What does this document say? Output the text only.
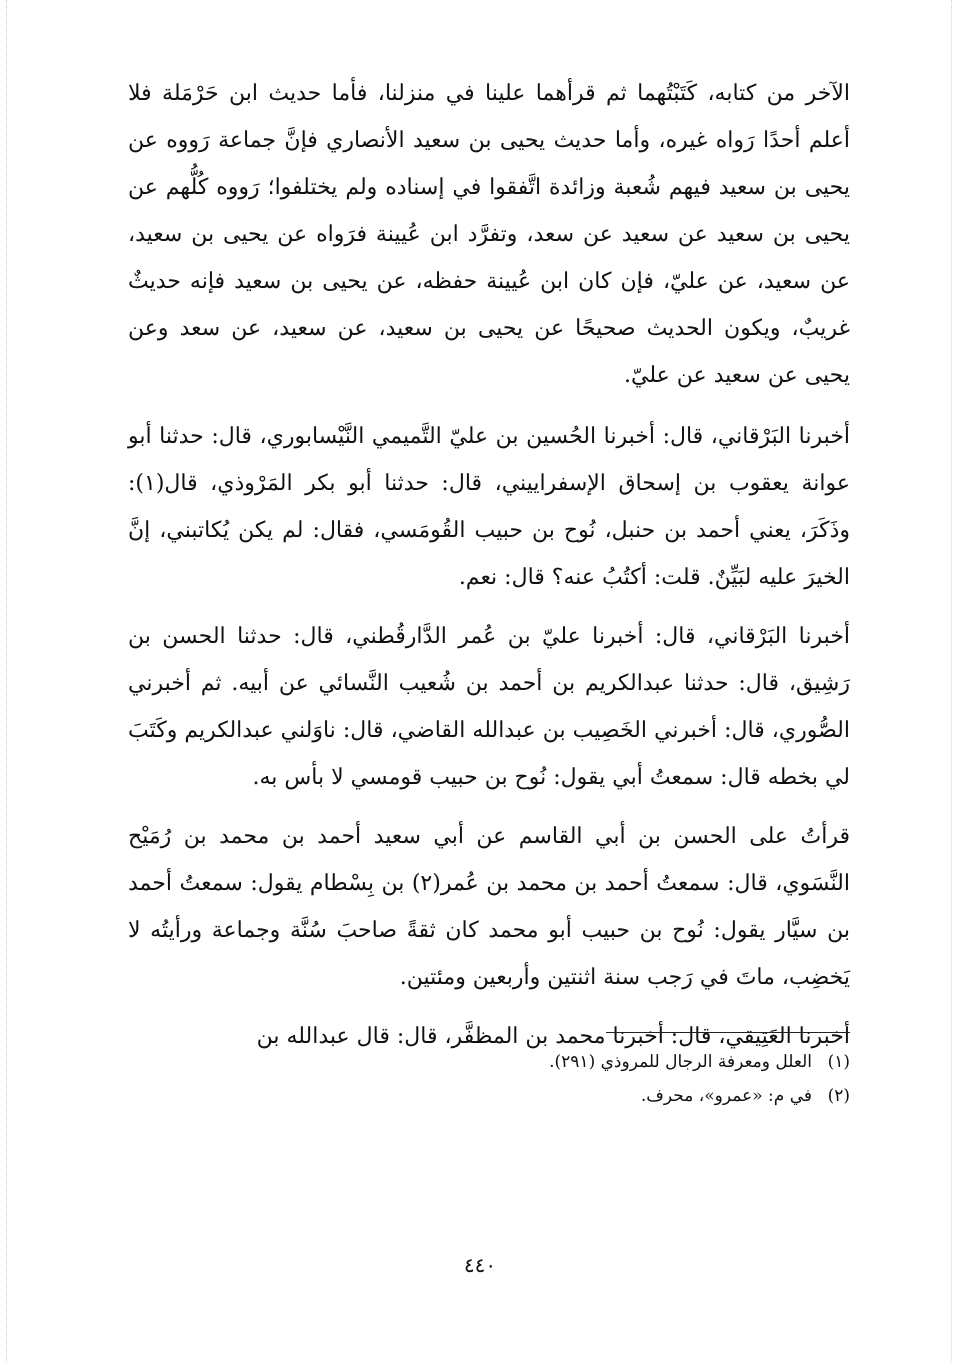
الآخر من كتابه، كَتَبْتُهما ثم قرأهما علينا في منزلنا، فأما حديث ابن حَرْمَلة فلا أعلم أحدًا رَواه غيره، وأما حديث يحيى بن سعيد الأنصاري فإنَّ جماعة رَووه عن يحيى بن سعيد فيهم شُعبة وزائدة اتَّفقوا في إسناده ولم يختلفوا؛ رَووه كُلُّهم عن يحيى بن سعيد عن سعيد عن سعد، وتفرَّد ابن عُيينة فرَواه عن يحيى بن سعيد، عن سعيد، عن عليّ، فإن كان ابن عُيينة حفظه، عن يحيى بن سعيد فإنه حديثٌ غريبٌ، ويكون الحديث صحيحًا عن يحيى بن سعيد، عن سعيد، عن سعد وعن يحيى عن سعيد عن عليّ.

أخبرنا البَرْقاني، قال: أخبرنا الحُسين بن عليّ التَّميمي النَّيْسابوري، قال: حدثنا أبو عوانة يعقوب بن إسحاق الإسفراييني، قال: حدثنا أبو بكر المَرْوذي، قال(١): وذَكَرَ، يعني أحمد بن حنبل، نُوح بن حبيب القُومَسي، فقال: لم يكن يُكاتبني، إنَّ الخيرَ عليه لبَيِّنٌ. قلت: أكتُبُ عنه؟ قال: نعم.

أخبرنا البَرْقاني، قال: أخبرنا عليّ بن عُمر الدَّارقُطني، قال: حدثنا الحسن بن رَشِيق، قال: حدثنا عبدالكريم بن أحمد بن شُعيب النَّسائي عن أبيه. ثم أخبرني الصُّوري، قال: أخبرني الخَصِيب بن عبدالله القاضي، قال: ناوَلني عبدالكريم وكَتَبَ لي بخطه قال: سمعتُ أبي يقول: نُوح بن حبيب قومسي لا بأس به.

قرأتُ على الحسن بن أبي القاسم عن أبي سعيد أحمد بن محمد بن رُمَيْح النَّسَوي، قال: سمعتُ أحمد بن محمد بن عُمر(٢) بن بِسْطام يقول: سمعتُ أحمد بن سيَّار يقول: نُوح بن حبيب أبو محمد كان ثقةً صاحبَ سُنَّة وجماعة ورأيتُه لا يَخضِب، ماتَ في رَجب سنة اثنتين وأربعين ومئتين.

أخبرنا العَتِيقي، قال: أخبرنا محمد بن المظفَّر، قال: قال عبدالله بن

(١)
العلل ومعرفة الرجال للمروذي (٢٩١).
(٢)
في م: «عمرو»، محرف.
٤٤٠
